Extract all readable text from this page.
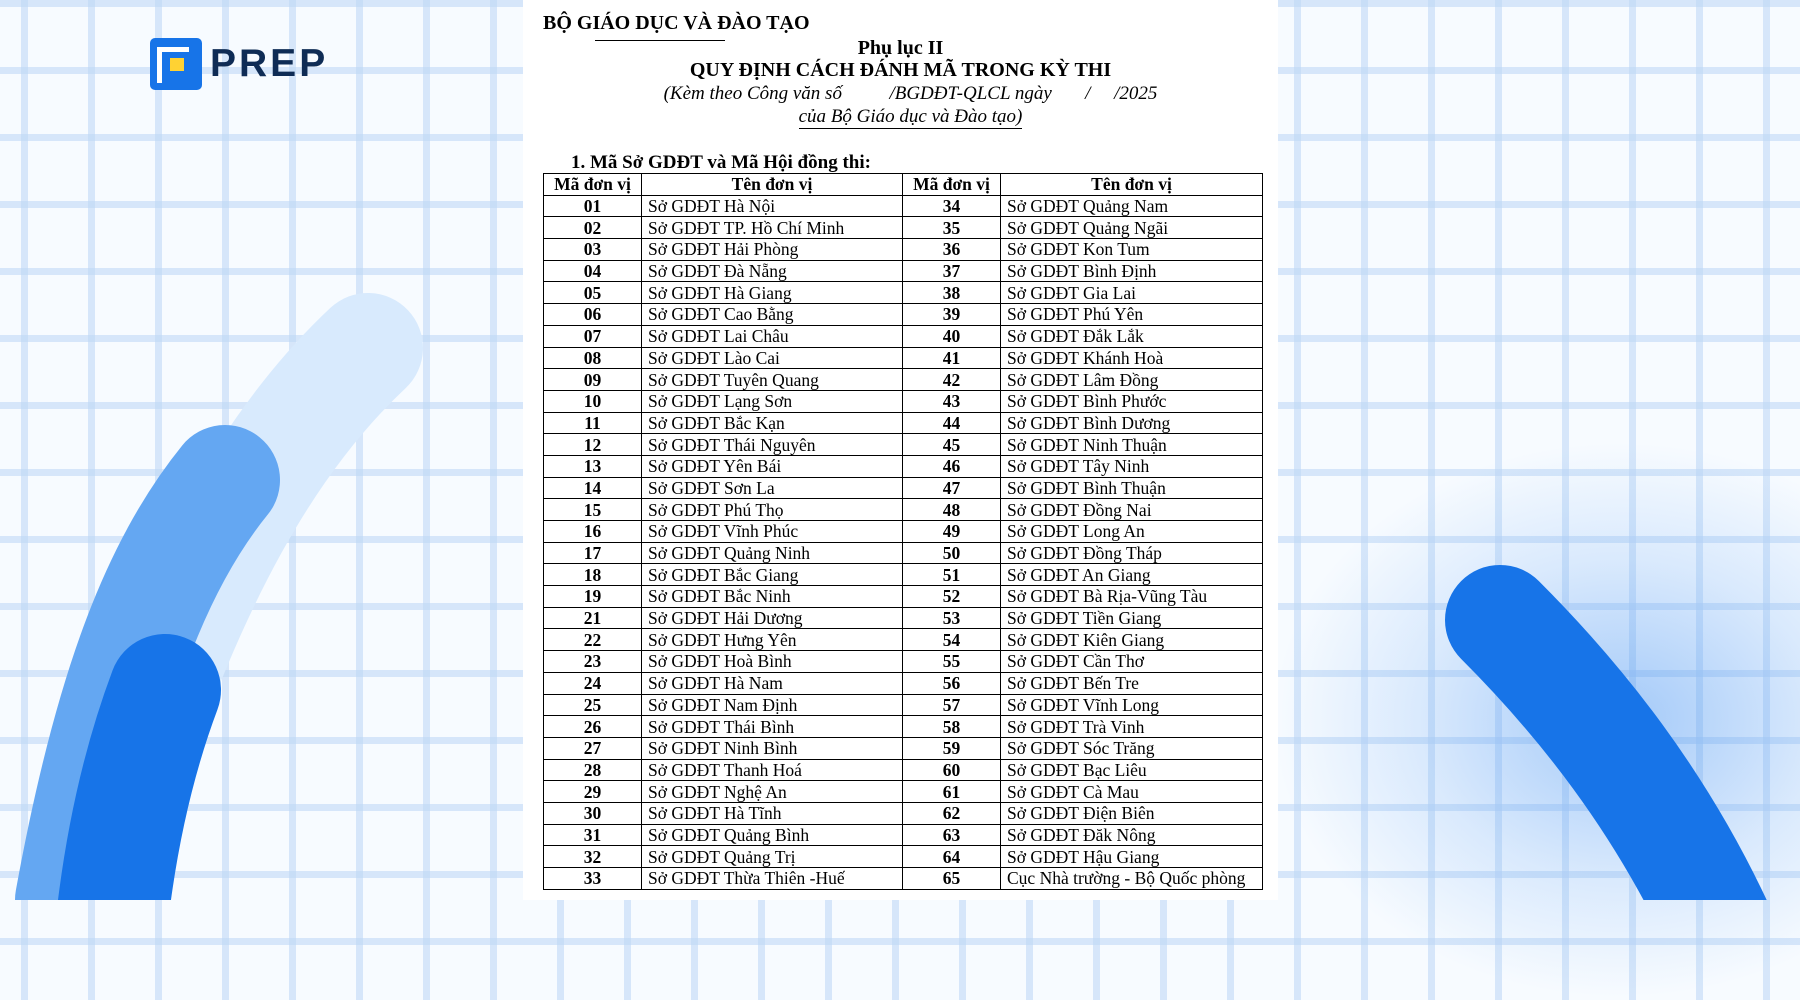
PREP
BỘ GIÁO DỤC VÀ ĐÀO TẠO
Phụ lục II
QUY ĐỊNH CÁCH ĐÁNH MÃ TRONG KỲ THI
(Kèm theo Công văn số          /BGDĐT-QLCL ngày       /     /2025
của Bộ Giáo dục và Đào tạo)
1. Mã Sở GDĐT và Mã Hội đồng thi:
Mã đơn vị	Tên đơn vị	Mã đơn vị	Tên đơn vị
01	Sở GDĐT Hà Nội	34	Sở GDĐT Quảng Nam
02	Sở GDĐT TP. Hồ Chí Minh	35	Sở GDĐT Quảng Ngãi
03	Sở GDĐT Hải Phòng	36	Sở GDĐT Kon Tum
04	Sở GDĐT Đà Nẵng	37	Sở GDĐT Bình Định
05	Sở GDĐT Hà Giang	38	Sở GDĐT Gia Lai
06	Sở GDĐT Cao Bằng	39	Sở GDĐT Phú Yên
07	Sở GDĐT Lai Châu	40	Sở GDĐT Đắk Lắk
08	Sở GDĐT Lào Cai	41	Sở GDĐT Khánh Hoà
09	Sở GDĐT Tuyên Quang	42	Sở GDĐT Lâm Đồng
10	Sở GDĐT Lạng Sơn	43	Sở GDĐT Bình Phước
11	Sở GDĐT Bắc Kạn	44	Sở GDĐT Bình Dương
12	Sở GDĐT Thái Nguyên	45	Sở GDĐT Ninh Thuận
13	Sở GDĐT Yên Bái	46	Sở GDĐT Tây Ninh
14	Sở GDĐT Sơn La	47	Sở GDĐT Bình Thuận
15	Sở GDĐT Phú Thọ	48	Sở GDĐT Đồng Nai
16	Sở GDĐT Vĩnh Phúc	49	Sở GDĐT Long An
17	Sở GDĐT Quảng Ninh	50	Sở GDĐT Đồng Tháp
18	Sở GDĐT Bắc Giang	51	Sở GDĐT An Giang
19	Sở GDĐT Bắc Ninh	52	Sở GDĐT Bà Rịa-Vũng Tàu
21	Sở GDĐT Hải Dương	53	Sở GDĐT Tiền Giang
22	Sở GDĐT Hưng Yên	54	Sở GDĐT Kiên Giang
23	Sở GDĐT Hoà Bình	55	Sở GDĐT Cần Thơ
24	Sở GDĐT Hà Nam	56	Sở GDĐT Bến Tre
25	Sở GDĐT Nam Định	57	Sở GDĐT Vĩnh Long
26	Sở GDĐT Thái Bình	58	Sở GDĐT Trà Vinh
27	Sở GDĐT Ninh Bình	59	Sở GDĐT Sóc Trăng
28	Sở GDĐT Thanh Hoá	60	Sở GDĐT Bạc Liêu
29	Sở GDĐT Nghệ An	61	Sở GDĐT Cà Mau
30	Sở GDĐT Hà Tĩnh	62	Sở GDĐT Điện Biên
31	Sở GDĐT Quảng Bình	63	Sở GDĐT Đăk Nông
32	Sở GDĐT Quảng Trị	64	Sở GDĐT Hậu Giang
33	Sở GDĐT Thừa Thiên -Huế	65	Cục Nhà trường - Bộ Quốc phòng
